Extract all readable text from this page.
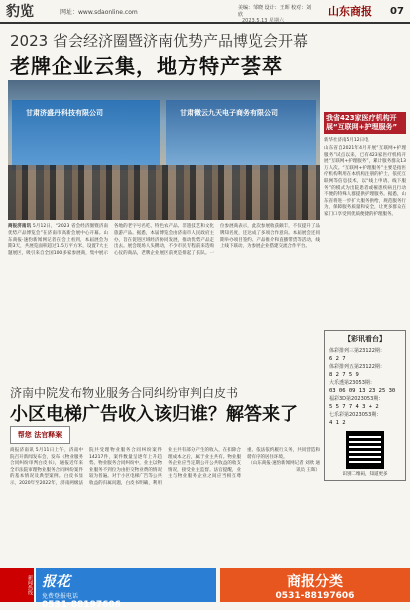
豹览	网址：www.sdaonline.com
美编：邹晓 设计：王晖 校对：刘欣	山东商报 07
2023.5.13 星期六
2023 省会经济圈暨济南优势产品博览会开幕
老牌企业云集，地方特产荟萃
甘肃济盛丹科技有限公司	甘肃微云九天电子商务有限公司
商报济南讯 5月12日，“2023 省会经济圈暨济南优势产品博览会”在济南市高新会展中心开幕。山东商报·速豹新闻网记者在会上看到，本届展会为期3天，共展览面积超过1.5万平方米，设置7大主题展区，吸引来自全国100多家参展商，集中展示各地的老字号名吃、特色农产品、非遗技艺和文化旅游产品。据悉，本届博览会由济南市人民政府主办，旨在促进区域经济协同发展，推动优势产品走出去。展会现场人头攒动，不少市民专程前来选购心仪的商品，老牌企业展区前更是排起了长队。一位参展商表示，此次参展收获颇丰，不仅提升了品牌知名度，还达成了多项合作意向。本届展会还同期举办项目签约、产品推介和直播带货等活动，线上线下联动，为参展企业搭建交流合作平台。
我省423家医疗机构开展“互联网+护理服务”
新华社济南5月12日电
山东省自2021年4月开展“互联网+护理服务”试点以来，已有423家医疗机构开展“互联网+护理服务”，累计服务群众13万人次。“互联网+护理服务”主要是指医疗机构利用在本机构注册的护士，依托互联网等信息技术，以“线上申请、线下服务”的模式为出院患者或罹患疾病且行动不便的特殊人群提供护理服务。据悉，山东省将进一步扩大服务供给，规范服务行为，保障服务质量和安全，让更多群众在家门口享受到优质便捷的护理服务。
【彩讯看台】
体彩排列三第23122期：
6 2 7
体彩排列五第23122期：
8 2 7 5 9
大乐透第23053期：
03 06 09 13 23 25 30
福彩3D第2023053期：
5 5 7 7 4 3 + 2
七乐彩第2023053期：
4 1 2
识别二维码，知道更多
济南中院发布物业服务合同纠纷审判白皮书
小区电梯广告收入该归谁？解答来了
帮您 法官释案
商报济南讯 5月11日上午，济南中院召开新闻发布会，发布《物业服务合同纠纷审判白皮书》，通报近年来全市法院审理物业服务合同纠纷案件的基本情况及典型案例。白皮书显示，2020年至2022年，济南两级法院共受理物业服务合同纠纷案件14217件，案件数量呈逐年上升趋势。物业服务合同纠纷中，业主以物业服务不到位为由拒交物业费的情况较为普遍。对于小区电梯广告等公共收益的归属问题，白皮书明确，利用业主共有部分产生的收入，在扣除合理成本之后，属于业主共有。物业服务企业应当定期公开公共收益的收支情况，接受业主监督。法官提醒，业主与物业服务企业之间应当相互尊重、依法依约履行义务，共同营造和谐有序的居住环境。
（山东商报·速豹新闻网记者 刘欣 通讯员 王晖）
新闻热线 报花
免费登报电话
0531-88197606
商报分类
0531-88197606
